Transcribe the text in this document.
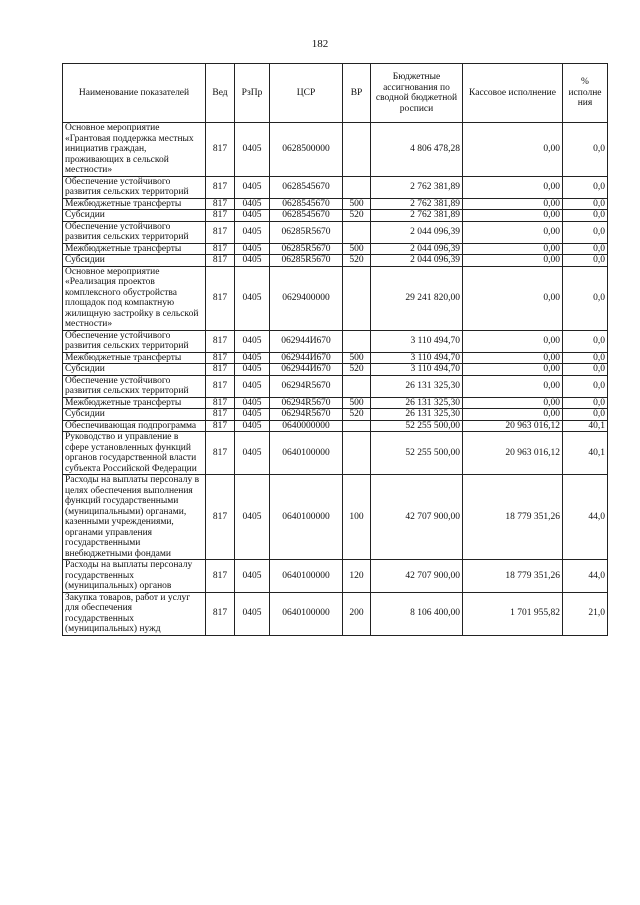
182
Наименование показателей	Вед	РзПр	ЦСР	ВР	Бюджетные ассигнования по сводной бюджетной росписи	Кассовое исполнение	% исполне ния
Основное мероприятие «Грантовая поддержка местных инициатив граждан, проживающих в сельской местности»	817	0405	0628500000		4 806 478,28	0,00	0,0
Обеспечение устойчивого развития сельских территорий	817	0405	0628545670		2 762 381,89	0,00	0,0
Межбюджетные трансферты	817	0405	0628545670	500	2 762 381,89	0,00	0,0
Субсидии	817	0405	0628545670	520	2 762 381,89	0,00	0,0
Обеспечение устойчивого развития сельских территорий	817	0405	06285R5670		2 044 096,39	0,00	0,0
Межбюджетные трансферты	817	0405	06285R5670	500	2 044 096,39	0,00	0,0
Субсидии	817	0405	06285R5670	520	2 044 096,39	0,00	0,0
Основное мероприятие «Реализация проектов комплексного обустройства площадок под компактную жилищную застройку в сельской местности»	817	0405	0629400000		29 241 820,00	0,00	0,0
Обеспечение устойчивого развития сельских территорий	817	0405	062944И670		3 110 494,70	0,00	0,0
Межбюджетные трансферты	817	0405	062944И670	500	3 110 494,70	0,00	0,0
Субсидии	817	0405	062944И670	520	3 110 494,70	0,00	0,0
Обеспечение устойчивого развития сельских территорий	817	0405	06294R5670		26 131 325,30	0,00	0,0
Межбюджетные трансферты	817	0405	06294R5670	500	26 131 325,30	0,00	0,0
Субсидии	817	0405	06294R5670	520	26 131 325,30	0,00	0,0
Обеспечивающая подпрограмма	817	0405	0640000000		52 255 500,00	20 963 016,12	40,1
Руководство и управление в сфере установленных функций органов государственной власти субъекта Российской Федерации	817	0405	0640100000		52 255 500,00	20 963 016,12	40,1
Расходы на выплаты персоналу в целях обеспечения выполнения функций государственными (муниципальными) органами, казенными учреждениями, органами управления государственными внебюджетными фондами	817	0405	0640100000	100	42 707 900,00	18 779 351,26	44,0
Расходы на выплаты персоналу государственных (муниципальных) органов	817	0405	0640100000	120	42 707 900,00	18 779 351,26	44,0
Закупка товаров, работ и услуг для обеспечения государственных (муниципальных) нужд	817	0405	0640100000	200	8 106 400,00	1 701 955,82	21,0
